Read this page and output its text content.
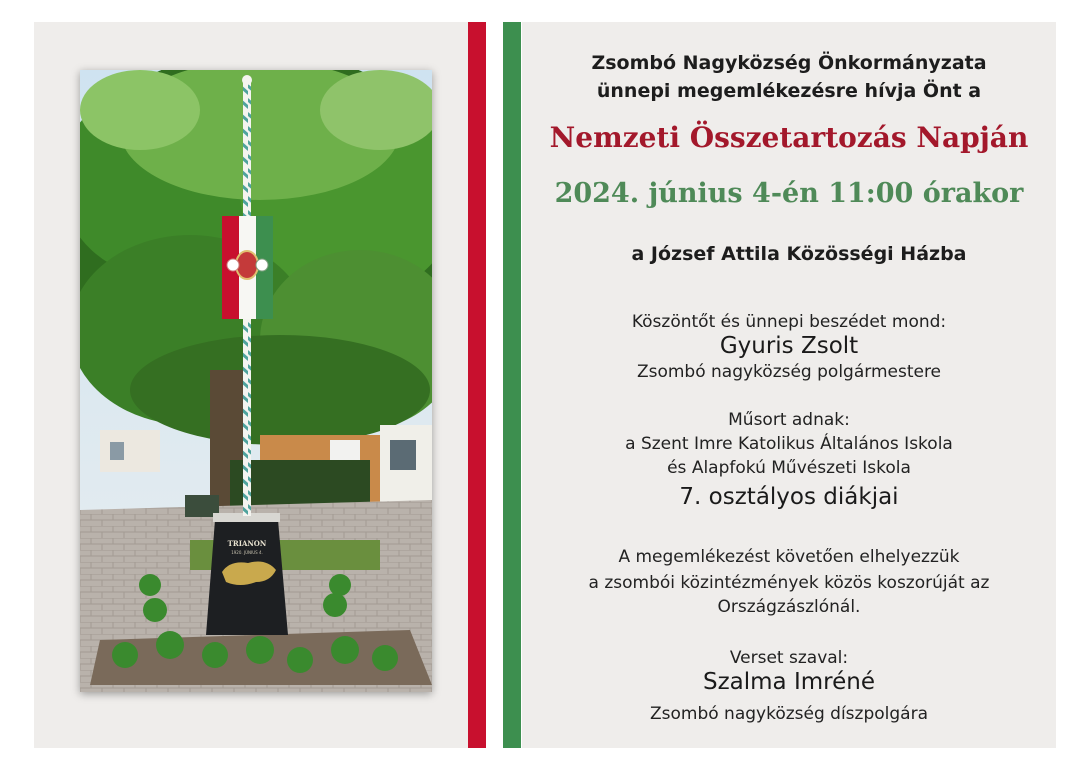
TRIANON
1920. JÚNIUS 4.

Zsombó Nagyközség Önkormányzata

ünnepi megemlékezésre hívja Önt a

Nemzeti Összetartozás Napján

2024. június 4-én 11:00 órakor

a József Attila Közösségi Házba

Köszöntőt és ünnepi beszédet mond:

Gyuris Zsolt

Zsombó nagyközség polgármestere

Műsort adnak:

a Szent Imre Katolikus Általános Iskola

és Alapfokú Művészeti Iskola

7. osztályos diákjai

A megemlékezést követően elhelyezzük

a zsombói közintézmények közös koszorúját az

Országzászlónál.

Verset szaval:

Szalma Imréné

Zsombó nagyközség díszpolgára
